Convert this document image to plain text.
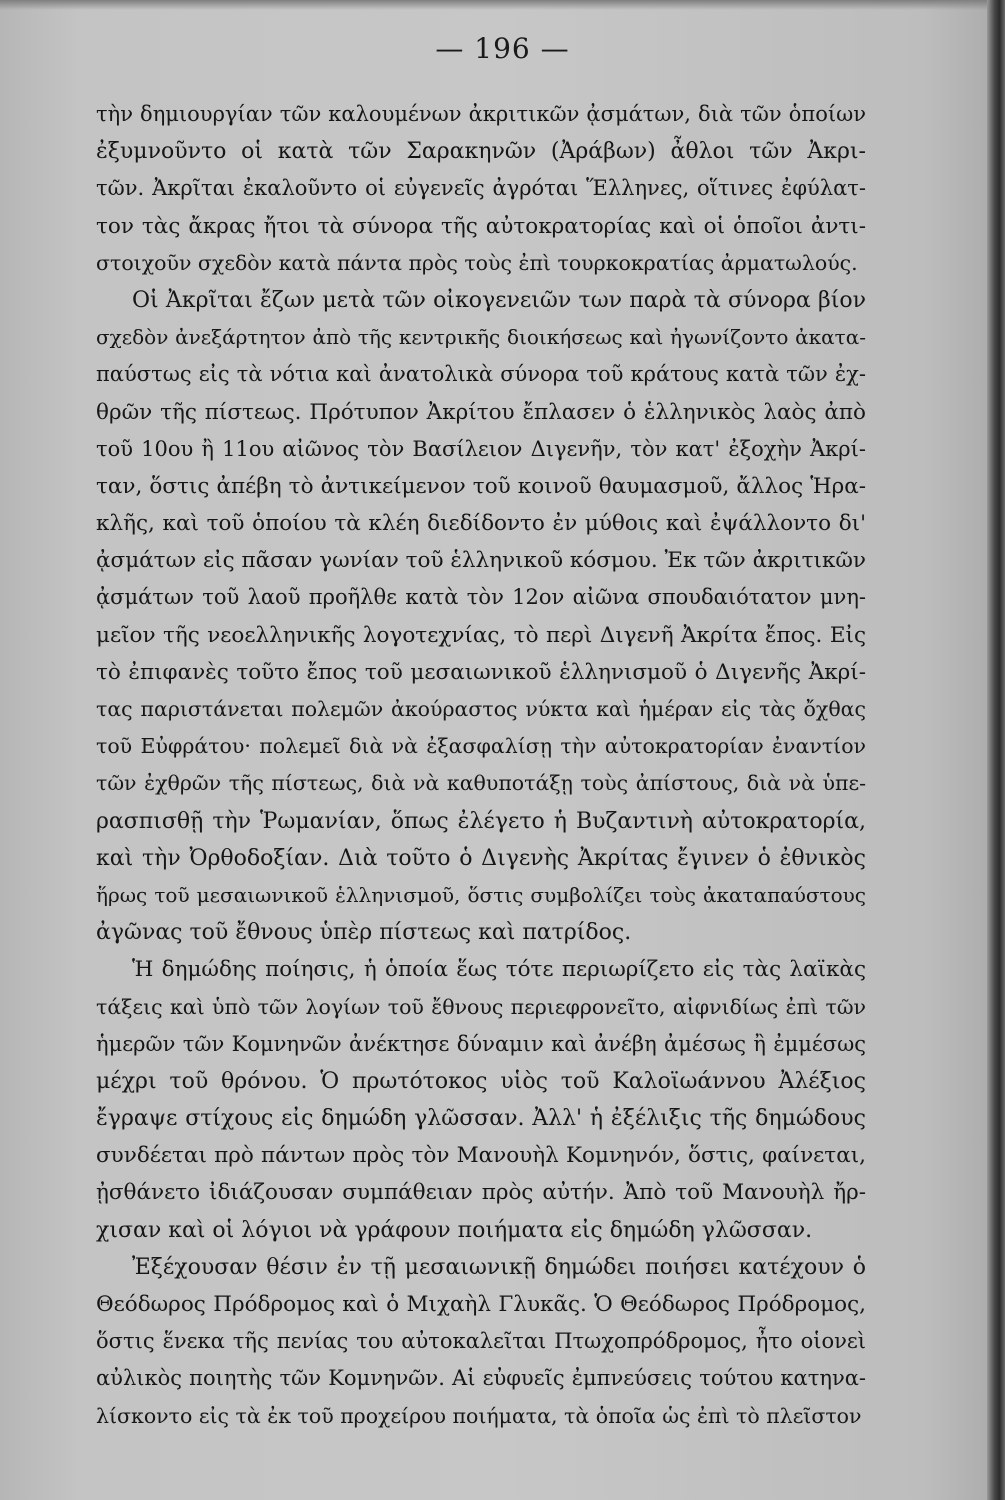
— 196 —
τὴν δημιουργίαν τῶν καλουμένων ἀκριτικῶν ᾀσμάτων, διὰ τῶν ὁποίων
ἐξυμνοῦντο οἱ κατὰ τῶν Σαρακηνῶν (Ἀράβων) ἆθλοι τῶν Ἀκρι-
τῶν. Ἀκρῖται ἐκαλοῦντο οἱ εὐγενεῖς ἀγρόται Ἕλληνες, οἵτινες ἐφύλατ-
τον τὰς ἄκρας ἤτοι τὰ σύνορα τῆς αὐτοκρατορίας καὶ οἱ ὁποῖοι ἀντι-
στοιχοῦν σχεδὸν κατὰ πάντα πρὸς τοὺς ἐπὶ τουρκοκρατίας ἀρματωλούς.
Οἱ Ἀκρῖται ἔζων μετὰ τῶν οἰκογενειῶν των παρὰ τὰ σύνορα βίον
σχεδὸν ἀνεξάρτητον ἀπὸ τῆς κεντρικῆς διοικήσεως καὶ ἠγωνίζοντο ἀκατα-
παύστως εἰς τὰ νότια καὶ ἀνατολικὰ σύνορα τοῦ κράτους κατὰ τῶν ἐχ-
θρῶν τῆς πίστεως. Πρότυπον Ἀκρίτου ἔπλασεν ὁ ἑλληνικὸς λαὸς ἀπὸ
τοῦ 10ου ἢ 11ου αἰῶνος τὸν Βασίλειον Διγενῆν, τὸν κατ' ἐξοχὴν Ἀκρί-
ταν, ὅστις ἀπέβη τὸ ἀντικείμενον τοῦ κοινοῦ θαυμασμοῦ, ἄλλος Ἡρα-
κλῆς, καὶ τοῦ ὁποίου τὰ κλέη διεδίδοντο ἐν μύθοις καὶ ἐψάλλοντο δι'
ᾀσμάτων εἰς πᾶσαν γωνίαν τοῦ ἑλληνικοῦ κόσμου. Ἐκ τῶν ἀκριτικῶν
ᾀσμάτων τοῦ λαοῦ προῆλθε κατὰ τὸν 12ον αἰῶνα σπουδαιότατον μνη-
μεῖον τῆς νεοελληνικῆς λογοτεχνίας, τὸ περὶ Διγενῆ Ἀκρίτα ἔπος. Εἰς
τὸ ἐπιφανὲς τοῦτο ἔπος τοῦ μεσαιωνικοῦ ἑλληνισμοῦ ὁ Διγενῆς Ἀκρί-
τας παριστάνεται πολεμῶν ἀκούραστος νύκτα καὶ ἡμέραν εἰς τὰς ὄχθας
τοῦ Εὐφράτου· πολεμεῖ διὰ νὰ ἐξασφαλίσῃ τὴν αὐτοκρατορίαν ἐναντίον
τῶν ἐχθρῶν τῆς πίστεως, διὰ νὰ καθυποτάξῃ τοὺς ἀπίστους, διὰ νὰ ὑπε-
ρασπισθῇ τὴν Ῥωμανίαν, ὅπως ἐλέγετο ἡ Βυζαντινὴ αὐτοκρατορία,
καὶ τὴν Ὀρθοδοξίαν. Διὰ τοῦτο ὁ Διγενὴς Ἀκρίτας ἔγινεν ὁ ἐθνικὸς
ἥρως τοῦ μεσαιωνικοῦ ἑλληνισμοῦ, ὅστις συμβολίζει τοὺς ἀκαταπαύστους
ἀγῶνας τοῦ ἔθνους ὑπὲρ πίστεως καὶ πατρίδος.
Ἡ δημώδης ποίησις, ἡ ὁποία ἕως τότε περιωρίζετο εἰς τὰς λαϊκὰς
τάξεις καὶ ὑπὸ τῶν λογίων τοῦ ἔθνους περιεφρονεῖτο, αἰφνιδίως ἐπὶ τῶν
ἡμερῶν τῶν Κομνηνῶν ἀνέκτησε δύναμιν καὶ ἀνέβη ἀμέσως ἢ ἐμμέσως
μέχρι τοῦ θρόνου. Ὁ πρωτότοκος υἱὸς τοῦ Καλοϊωάννου Ἀλέξιος
ἔγραψε στίχους εἰς δημώδη γλῶσσαν. Ἀλλ' ἡ ἐξέλιξις τῆς δημώδους
συνδέεται πρὸ πάντων πρὸς τὸν Μανουὴλ Κομνηνόν, ὅστις, φαίνεται,
ᾐσθάνετο ἰδιάζουσαν συμπάθειαν πρὸς αὐτήν. Ἀπὸ τοῦ Μανουὴλ ἤρ-
χισαν καὶ οἱ λόγιοι νὰ γράφουν ποιήματα εἰς δημώδη γλῶσσαν.
Ἐξέχουσαν θέσιν ἐν τῇ μεσαιωνικῇ δημώδει ποιήσει κατέχουν ὁ
Θεόδωρος Πρόδρομος καὶ ὁ Μιχαὴλ Γλυκᾶς. Ὁ Θεόδωρος Πρόδρομος,
ὅστις ἕνεκα τῆς πενίας του αὐτοκαλεῖται Πτωχοπρόδρομος, ἦτο οἱονεὶ
αὐλικὸς ποιητὴς τῶν Κομνηνῶν. Αἱ εὐφυεῖς ἐμπνεύσεις τούτου κατηνα-
λίσκοντο εἰς τὰ ἐκ τοῦ προχείρου ποιήματα, τὰ ὁποῖα ὡς ἐπὶ τὸ πλεῖστον
